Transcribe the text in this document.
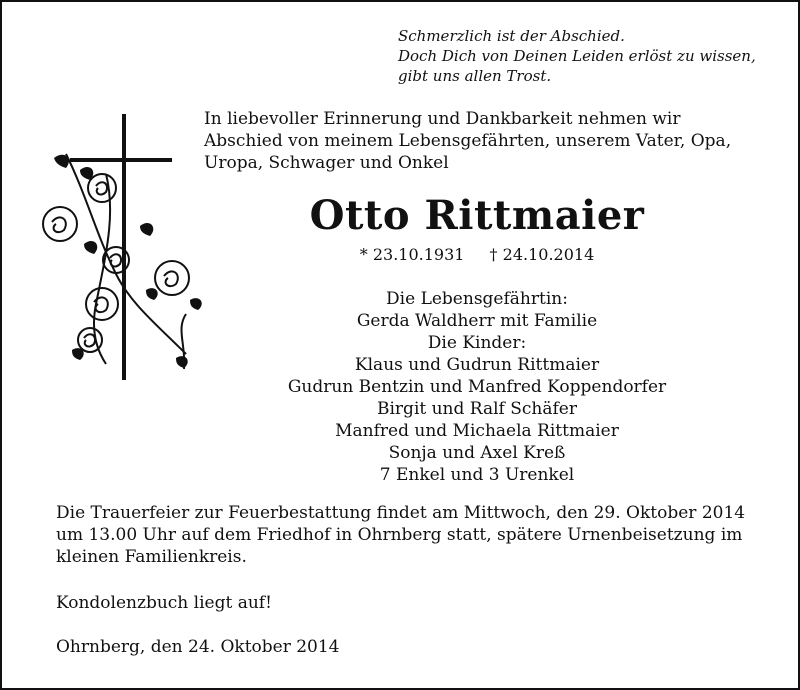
Schmerzlich ist der Abschied.
Doch Dich von Deinen Leiden erlöst zu wissen,
gibt uns allen Trost.
In liebevoller Erinnerung und Dankbarkeit nehmen wir
Abschied von meinem Lebensgefährten, unserem Vater, Opa,
Uropa, Schwager und Onkel
Otto Rittmaier
* 23.10.1931 † 24.10.2014
Die Lebensgefährtin:
Gerda Waldherr mit Familie
Die Kinder:
Klaus und Gudrun Rittmaier
Gudrun Bentzin und Manfred Koppendorfer
Birgit und Ralf Schäfer
Manfred und Michaela Rittmaier
Sonja und Axel Kreß
7 Enkel und 3 Urenkel
Die Trauerfeier zur Feuerbestattung findet am Mittwoch, den 29. Oktober 2014
um 13.00 Uhr auf dem Friedhof in Ohrnberg statt, spätere Urnenbeisetzung im
kleinen Familienkreis.
Kondolenzbuch liegt auf!
Ohrnberg, den 24. Oktober 2014
